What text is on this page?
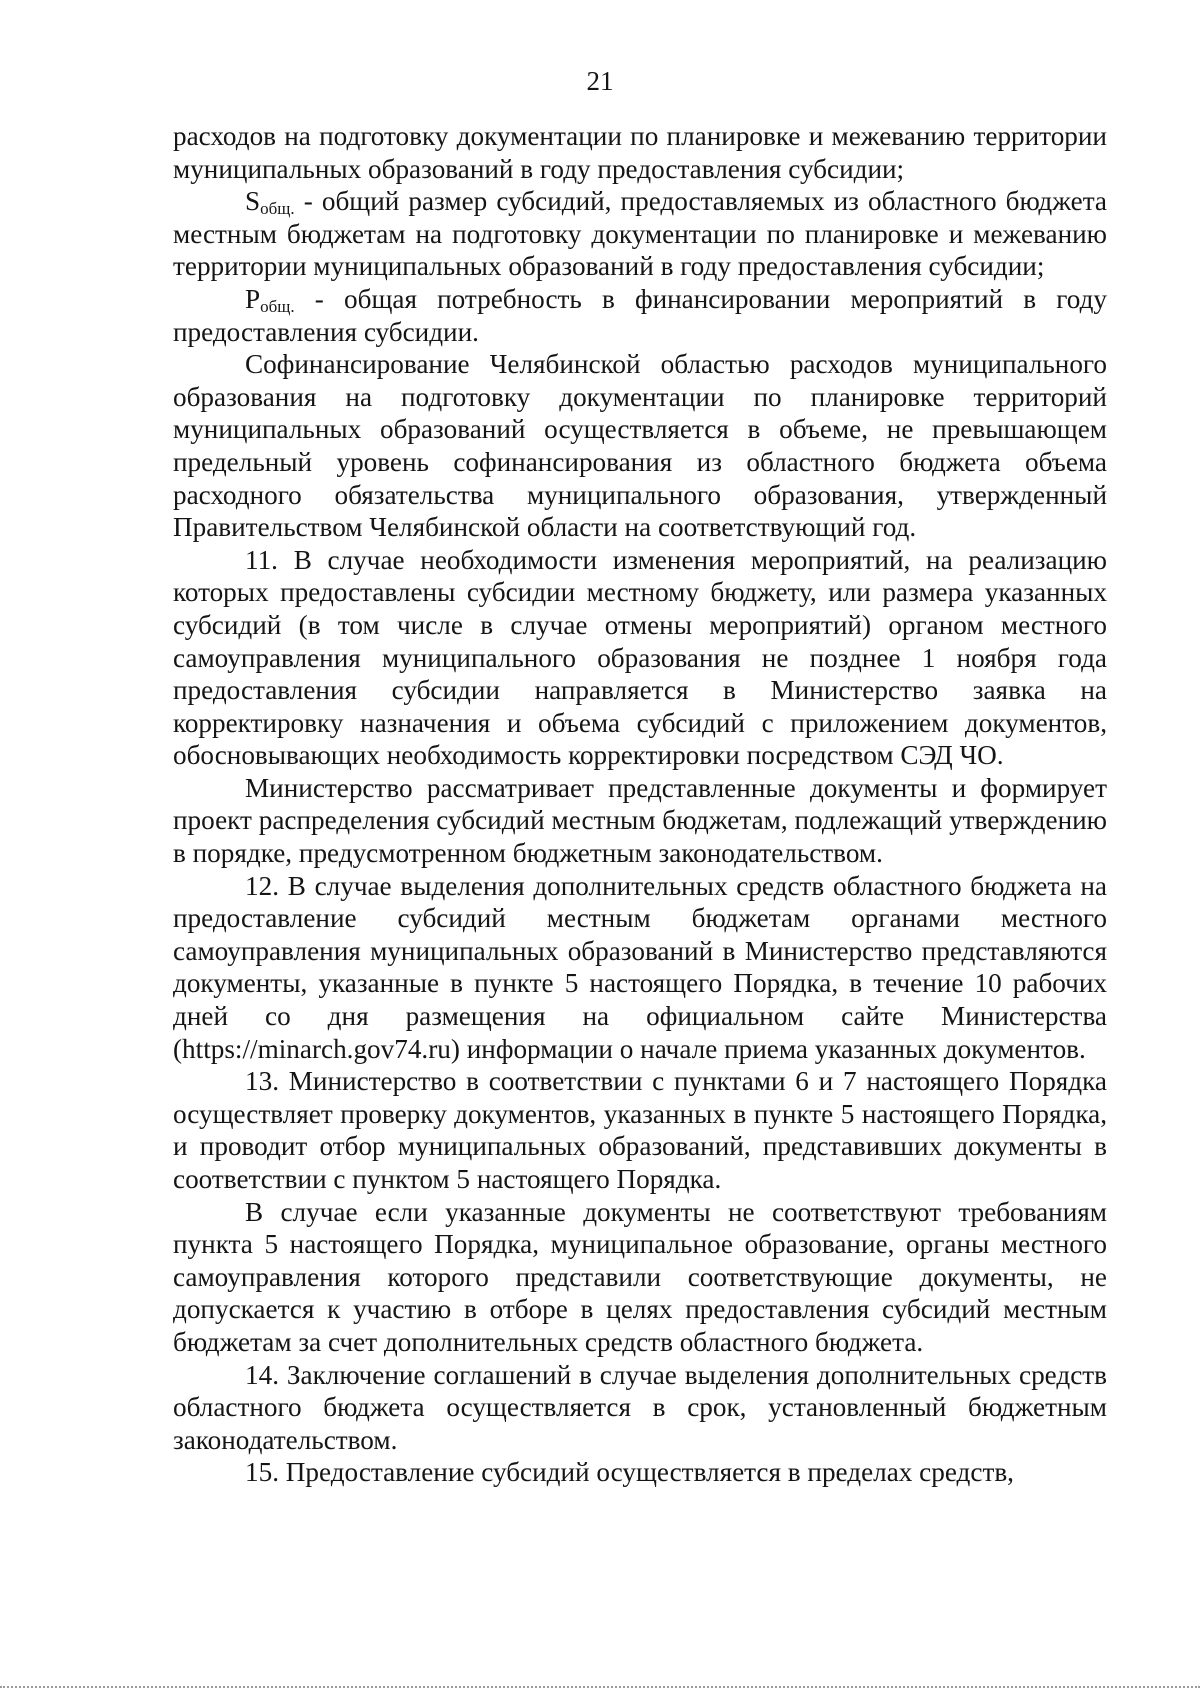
21

расходов на подготовку документации по планировке и межеванию территории муниципальных образований в году предоставления субсидии;

$S_{общ.}$ - общий размер субсидий, предоставляемых из областного бюджета местным бюджетам на подготовку документации по планировке и межеванию территории муниципальных образований в году предоставления субсидии;

$P_{общ.}$ - общая потребность в финансировании мероприятий в году предоставления субсидии.

Софинансирование Челябинской областью расходов муниципального образования на подготовку документации по планировке территорий муниципальных образований осуществляется в объеме, не превышающем предельный уровень софинансирования из областного бюджета объема расходного обязательства муниципального образования, утвержденный Правительством Челябинской области на соответствующий год.

11. В случае необходимости изменения мероприятий, на реализацию которых предоставлены субсидии местному бюджету, или размера указанных субсидий (в том числе в случае отмены мероприятий) органом местного самоуправления муниципального образования не позднее 1 ноября года предоставления субсидии направляется в Министерство заявка на корректировку назначения и объема субсидий с приложением документов, обосновывающих необходимость корректировки посредством СЭД ЧО.

Министерство рассматривает представленные документы и формирует проект распределения субсидий местным бюджетам, подлежащий утверждению в порядке, предусмотренном бюджетным законодательством.

12. В случае выделения дополнительных средств областного бюджета на предоставление субсидий местным бюджетам органами местного самоуправления муниципальных образований в Министерство представляются документы, указанные в пункте 5 настоящего Порядка, в течение 10 рабочих дней со дня размещения на официальном сайте Министерства (https://minarch.gov74.ru) информации о начале приема указанных документов.

13. Министерство в соответствии с пунктами 6 и 7 настоящего Порядка осуществляет проверку документов, указанных в пункте 5 настоящего Порядка, и проводит отбор муниципальных образований, представивших документы в соответствии с пунктом 5 настоящего Порядка.

В случае если указанные документы не соответствуют требованиям пункта 5 настоящего Порядка, муниципальное образование, органы местного самоуправления которого представили соответствующие документы, не допускается к участию в отборе в целях предоставления субсидий местным бюджетам за счет дополнительных средств областного бюджета.

14. Заключение соглашений в случае выделения дополнительных средств областного бюджета осуществляется в срок, установленный бюджетным законодательством.

15. Предоставление субсидий осуществляется в пределах средств,
